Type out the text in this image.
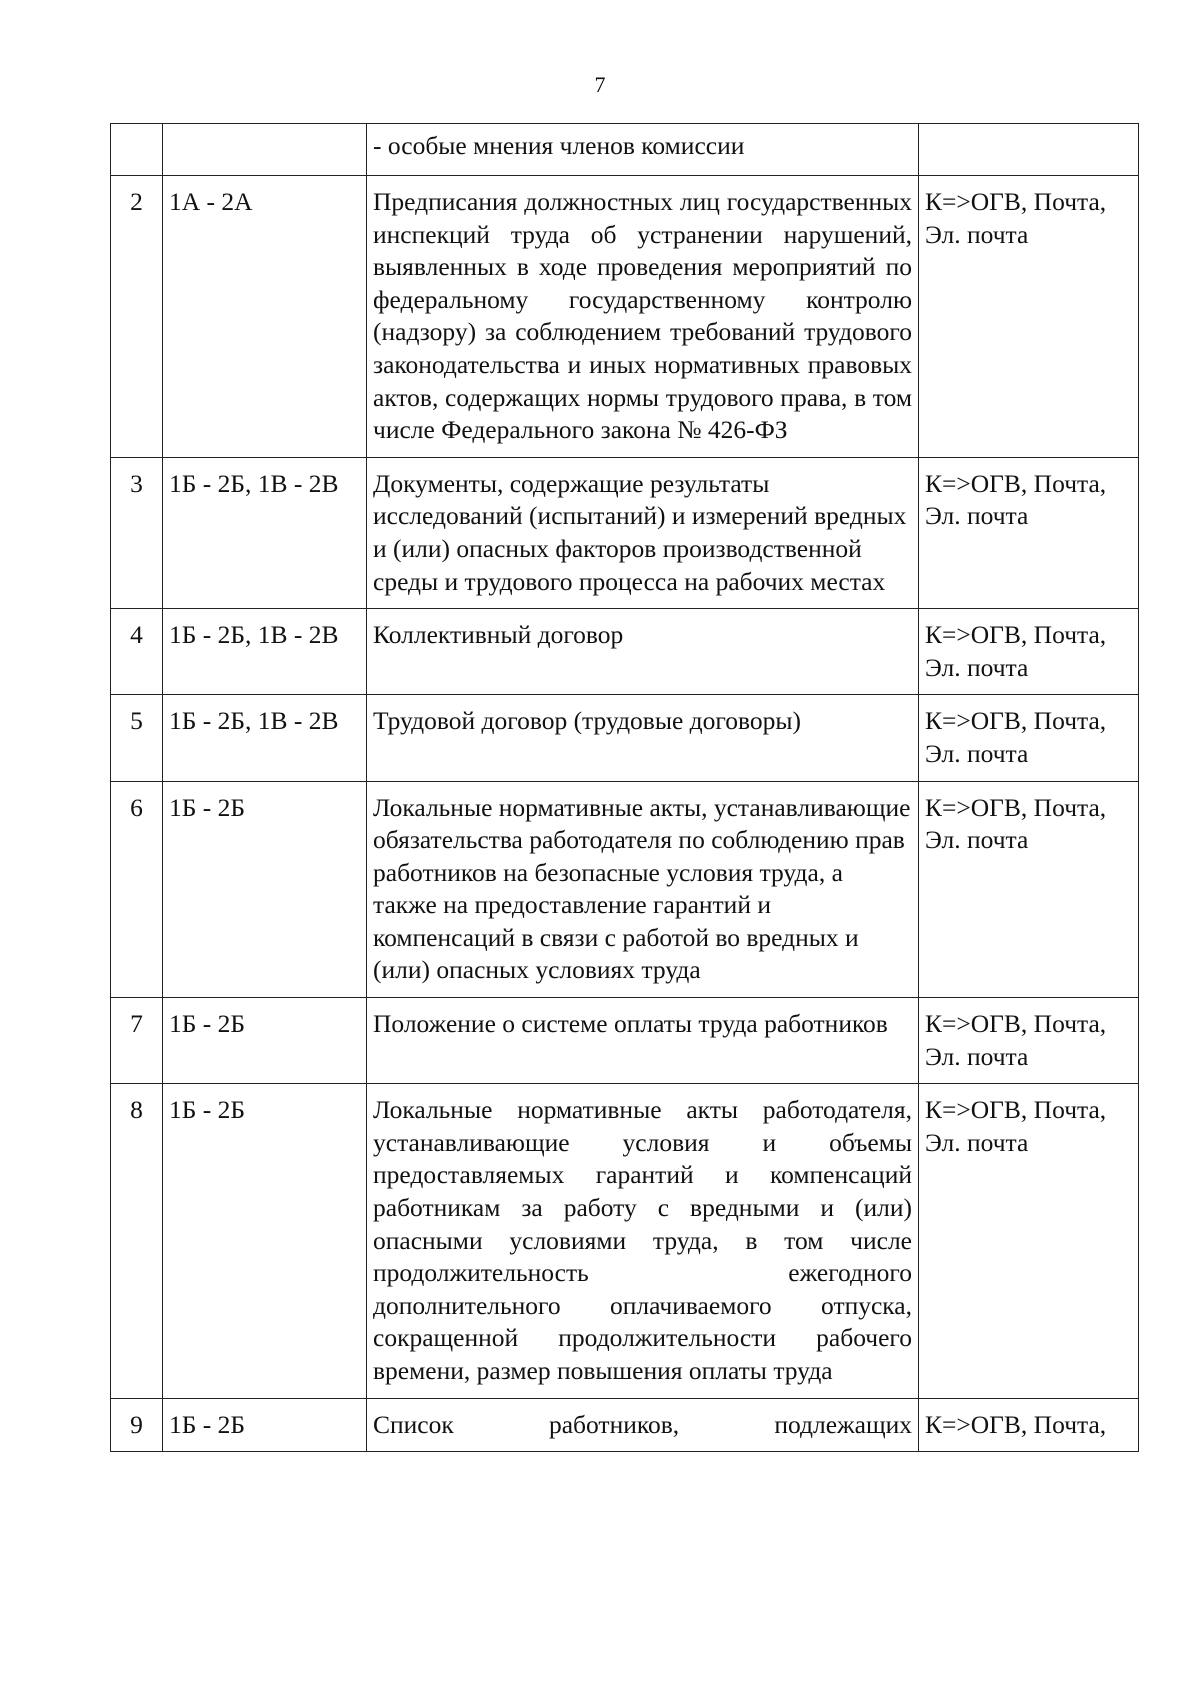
7
		- особые мнения членов комиссии	

2	1А - 2А	Предписания должностных лиц государственных инспекций труда об устранении нарушений, выявленных в ходе проведения мероприятий по федеральному государственному контролю (надзору) за соблюдением требований трудового законодательства и иных нормативных правовых актов, содержащих нормы трудового права, в том числе Федерального закона № 426-ФЗ	К=>ОГВ, Почта,
Эл. почта

3	1Б - 2Б, 1В - 2В	Документы, содержащие результаты исследований (испытаний) и измерений вредных и (или) опасных факторов производственной среды и трудового процесса на рабочих местах	К=>ОГВ, Почта,
Эл. почта

4	1Б - 2Б, 1В - 2В	Коллективный договор	К=>ОГВ, Почта,
Эл. почта

5	1Б - 2Б, 1В - 2В	Трудовой договор (трудовые договоры)	К=>ОГВ, Почта,
Эл. почта

6	1Б - 2Б	Локальные нормативные акты, устанавливающие обязательства работодателя по соблюдению прав работников на безопасные условия труда, а также на предоставление гарантий и компенсаций в связи с работой во вредных и (или) опасных условиях труда	К=>ОГВ, Почта,
Эл. почта

7	1Б - 2Б	Положение о системе оплаты труда работников	К=>ОГВ, Почта,
Эл. почта

8	1Б - 2Б	Локальные нормативные акты работодателя, устанавливающие условия и объемы предоставляемых гарантий и компенсаций работникам за работу с вредными и (или) опасными условиями труда, в том числе продолжительность ежегодного дополнительного оплачиваемого отпуска, сокращенной продолжительности рабочего времени, размер повышения оплаты труда	К=>ОГВ, Почта,
Эл. почта

9	1Б - 2Б	Список работников, подлежащих	К=>ОГВ, Почта,
